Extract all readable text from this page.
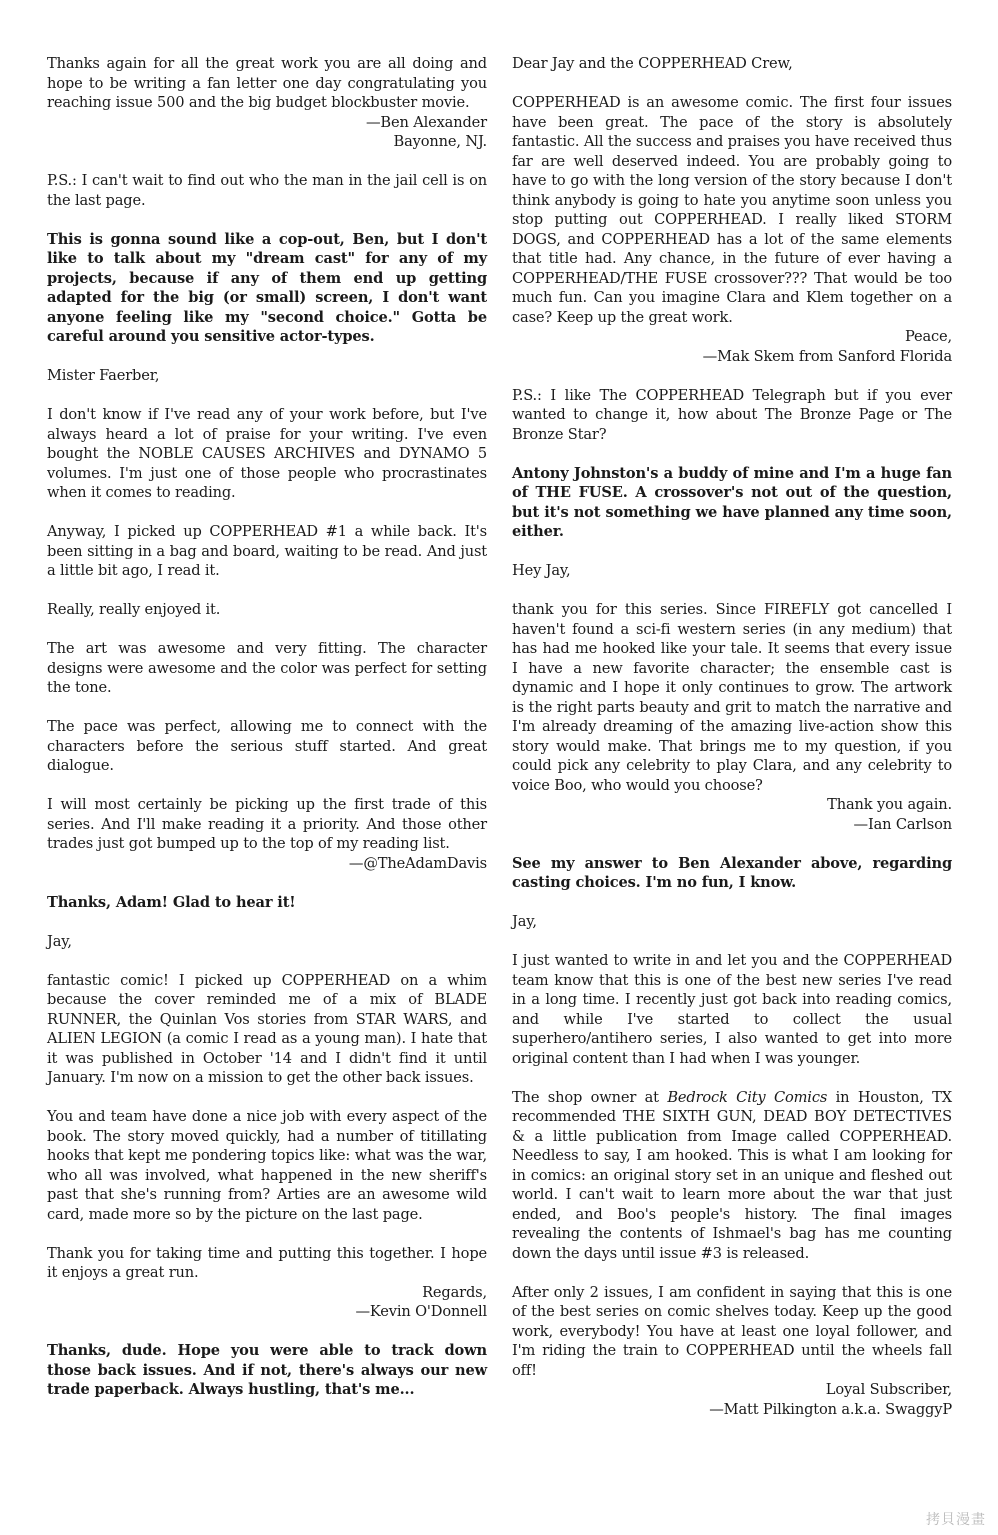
Thanks again for all the great work you are all doing and hope to be writing a fan letter one day congratulating you reaching issue 500 and the big budget blockbuster movie.

—Ben Alexander
Bayonne, NJ.

P.S.: I can't wait to find out who the man in the jail cell is on the last page.

This is gonna sound like a cop-out, Ben, but I don't like to talk about my "dream cast" for any of my projects, because if any of them end up getting adapted for the big (or small) screen, I don't want anyone feeling like my "second choice." Gotta be careful around you sensitive actor-types.

Mister Faerber,

I don't know if I've read any of your work before, but I've always heard a lot of praise for your writing. I've even bought the NOBLE CAUSES ARCHIVES and DYNAMO 5 volumes. I'm just one of those people who procrastinates when it comes to reading.

Anyway, I picked up COPPERHEAD #1 a while back. It's been sitting in a bag and board, waiting to be read. And just a little bit ago, I read it.

Really, really enjoyed it.

The art was awesome and very fitting. The character designs were awesome and the color was perfect for setting the tone.

The pace was perfect, allowing me to connect with the characters before the serious stuff started. And great dialogue.

I will most certainly be picking up the first trade of this series. And I'll make reading it a priority. And those other trades just got bumped up to the top of my reading list.

—@TheAdamDavis

Thanks, Adam! Glad to hear it!

Jay,

fantastic comic! I picked up COPPERHEAD on a whim because the cover reminded me of a mix of BLADE RUNNER, the Quinlan Vos stories from STAR WARS, and ALIEN LEGION (a comic I read as a young man). I hate that it was published in October '14 and I didn't find it until January. I'm now on a mission to get the other back issues.

You and team have done a nice job with every aspect of the book. The story moved quickly, had a number of titillating hooks that kept me pondering topics like: what was the war, who all was involved, what happened in the new sheriff's past that she's running from? Arties are an awesome wild card, made more so by the picture on the last page.

Thank you for taking time and putting this together. I hope it enjoys a great run.

Regards,
—Kevin O'Donnell

Thanks, dude. Hope you were able to track down those back issues. And if not, there's always our new trade paperback. Always hustling, that's me...

Dear Jay and the COPPERHEAD Crew,

COPPERHEAD is an awesome comic. The first four issues have been great. The pace of the story is absolutely fantastic. All the success and praises you have received thus far are well deserved indeed. You are probably going to have to go with the long version of the story because I don't think anybody is going to hate you anytime soon unless you stop putting out COPPERHEAD. I really liked STORM DOGS, and COPPERHEAD has a lot of the same elements that title had. Any chance, in the future of ever having a COPPERHEAD/THE FUSE crossover??? That would be too much fun. Can you imagine Clara and Klem together on a case? Keep up the great work.

Peace,
—Mak Skem from Sanford Florida

P.S.: I like The COPPERHEAD Telegraph but if you ever wanted to change it, how about The Bronze Page or The Bronze Star?

Antony Johnston's a buddy of mine and I'm a huge fan of THE FUSE. A crossover's not out of the question, but it's not something we have planned any time soon, either.

Hey Jay,

thank you for this series. Since FIREFLY got cancelled I haven't found a sci-fi western series (in any medium) that has had me hooked like your tale. It seems that every issue I have a new favorite character; the ensemble cast is dynamic and I hope it only continues to grow. The artwork is the right parts beauty and grit to match the narrative and I'm already dreaming of the amazing live-action show this story would make. That brings me to my question, if you could pick any celebrity to play Clara, and any celebrity to voice Boo, who would you choose?

Thank you again.
—Ian Carlson

See my answer to Ben Alexander above, regarding casting choices. I'm no fun, I know.

Jay,

I just wanted to write in and let you and the COPPERHEAD team know that this is one of the best new series I've read in a long time. I recently just got back into reading comics, and while I've started to collect the usual superhero/antihero series, I also wanted to get into more original content than I had when I was younger.

The shop owner at Bedrock City Comics in Houston, TX recommended THE SIXTH GUN, DEAD BOY DETECTIVES & a little publication from Image called COPPERHEAD. Needless to say, I am hooked. This is what I am looking for in comics: an original story set in an unique and fleshed out world. I can't wait to learn more about the war that just ended, and Boo's people's history. The final images revealing the contents of Ishmael's bag has me counting down the days until issue #3 is released.

After only 2 issues, I am confident in saying that this is one of the best series on comic shelves today. Keep up the good work, everybody! You have at least one loyal follower, and I'm riding the train to COPPERHEAD until the wheels fall off!

Loyal Subscriber,
—Matt Pilkington a.k.a. SwaggyP
拷貝漫畫
